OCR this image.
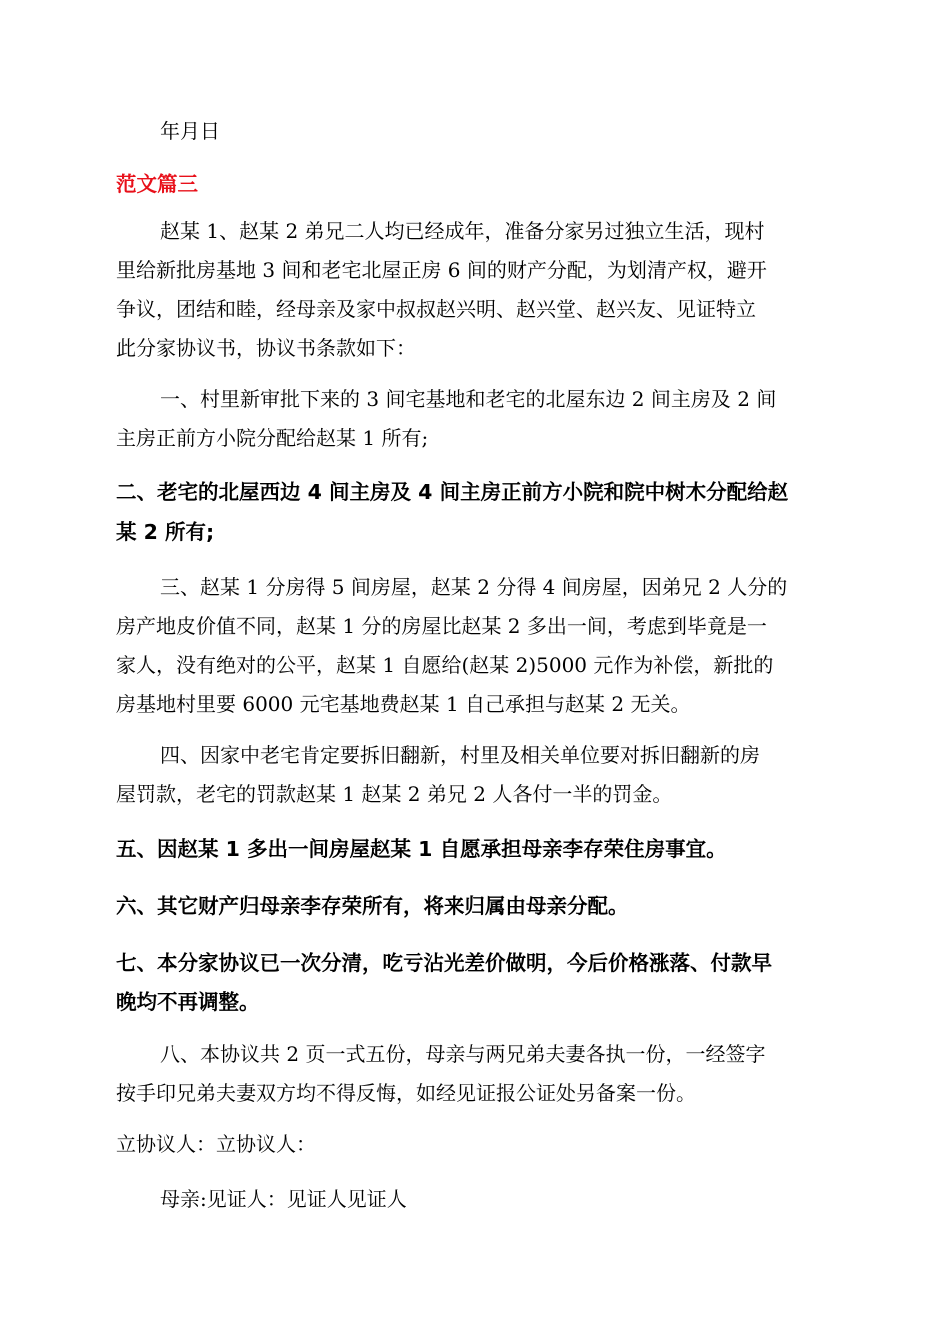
年月日
范文篇三
赵某 1、赵某 2 弟兄二人均已经成年，准备分家另过独立生活，现村
里给新批房基地 3 间和老宅北屋正房 6 间的财产分配，为划清产权，避开
争议，团结和睦，经母亲及家中叔叔赵兴明、赵兴堂、赵兴友、见证特立
此分家协议书，协议书条款如下：
一、村里新审批下来的 3 间宅基地和老宅的北屋东边 2 间主房及 2 间
主房正前方小院分配给赵某 1 所有;
二、老宅的北屋西边 4 间主房及 4 间主房正前方小院和院中树木分配给赵
某 2 所有;
三、赵某 1 分房得 5 间房屋，赵某 2 分得 4 间房屋，因弟兄 2 人分的
房产地皮价值不同，赵某 1 分的房屋比赵某 2 多出一间，考虑到毕竟是一
家人，没有绝对的公平，赵某 1 自愿给(赵某 2)5000 元作为补偿，新批的
房基地村里要 6000 元宅基地费赵某 1 自己承担与赵某 2 无关。
四、因家中老宅肯定要拆旧翻新，村里及相关单位要对拆旧翻新的房
屋罚款，老宅的罚款赵某 1 赵某 2 弟兄 2 人各付一半的罚金。
五、因赵某 1 多出一间房屋赵某 1 自愿承担母亲李存荣住房事宜。
六、其它财产归母亲李存荣所有，将来归属由母亲分配。
七、本分家协议已一次分清，吃亏沾光差价做明，今后价格涨落、付款早
晚均不再调整。
八、本协议共 2 页一式五份，母亲与两兄弟夫妻各执一份，一经签字
按手印兄弟夫妻双方均不得反悔，如经见证报公证处另备案一份。
立协议人：立协议人：
母亲:见证人：见证人见证人
